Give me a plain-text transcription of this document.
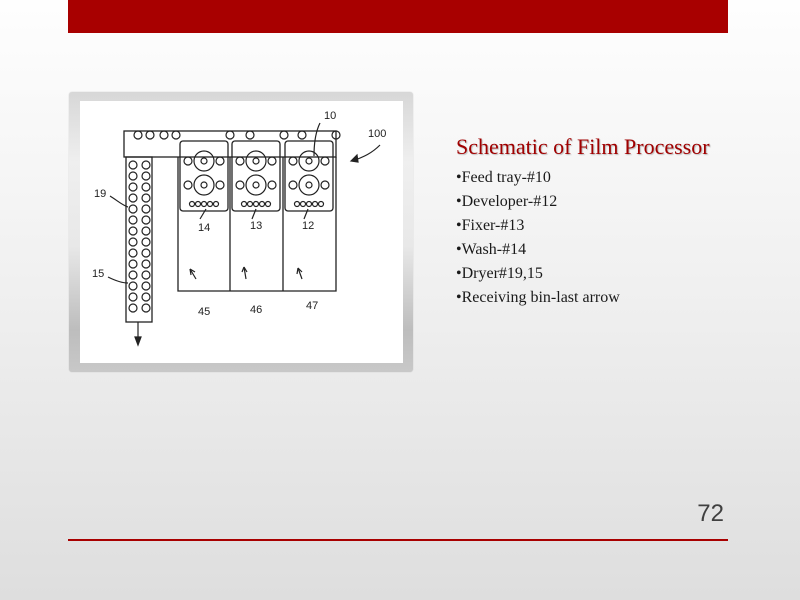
10
100
19
15
14	13	12
45	46	47
Schematic of Film Processor
•Feed tray-#10
•Developer-#12
•Fixer-#13
•Wash-#14
•Dryer#19,15
•Receiving bin-last arrow
72
